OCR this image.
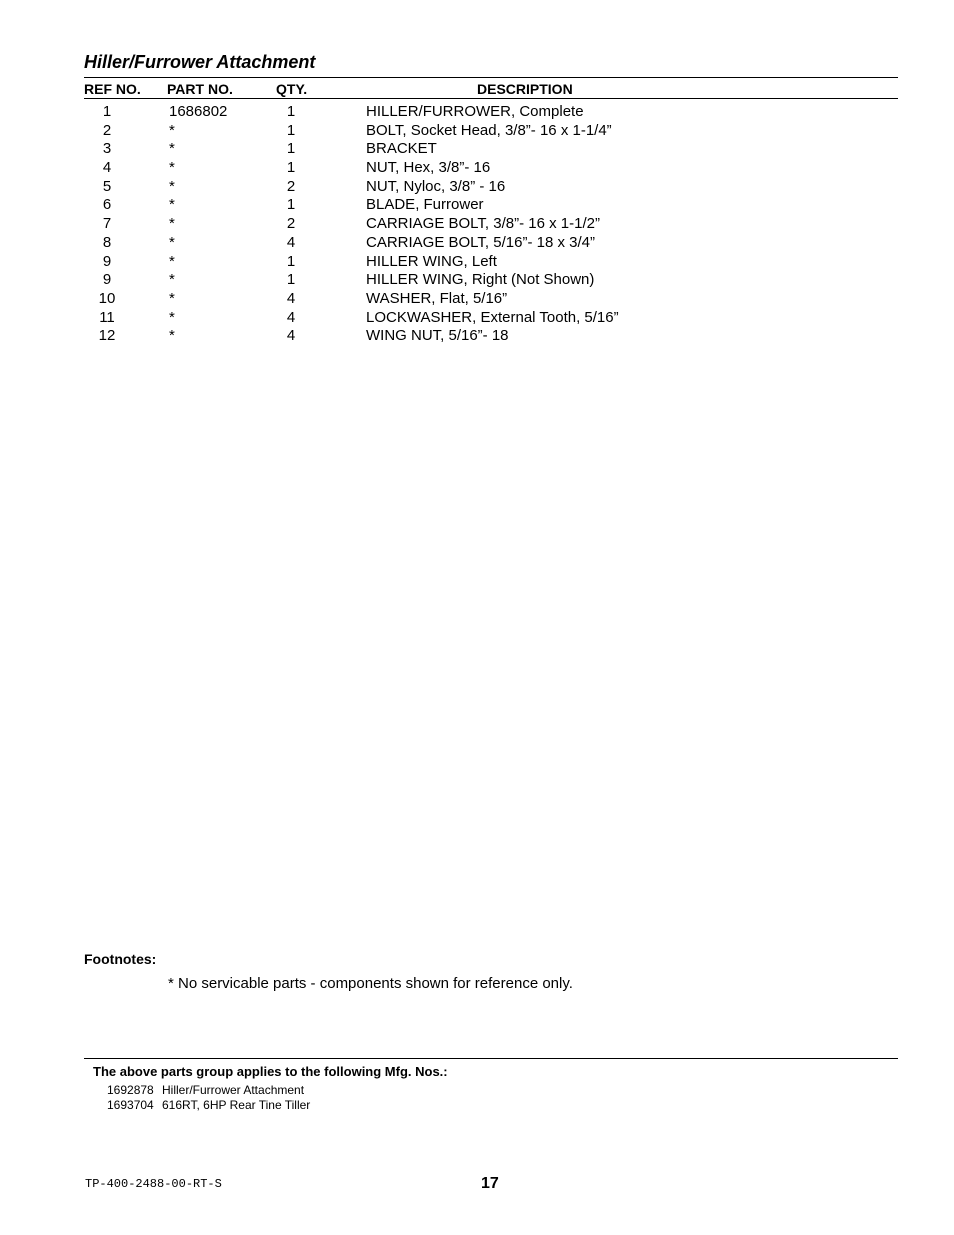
Hiller/Furrower Attachment
REF NO. PART NO.	QTY.	DESCRIPTION
1	1686802	1	HILLER/FURROWER, Complete
2	*	1	BOLT, Socket Head, 3/8”- 16 x 1-1/4”
3	*	1	BRACKET
4	*	1	NUT, Hex, 3/8”- 16
5	*	2	NUT, Nyloc, 3/8” - 16
6	*	1	BLADE, Furrower
7	*	2	CARRIAGE BOLT, 3/8”- 16 x 1-1/2”
8	*	4	CARRIAGE BOLT, 5/16”- 18 x 3/4”
9	*	1	HILLER WING, Left
9	*	1	HILLER WING, Right (Not Shown)
10	*	4	WASHER, Flat, 5/16”
11	*	4	LOCKWASHER, External Tooth, 5/16”
12	*	4	WING NUT, 5/16”- 18
Footnotes:
* No servicable parts - components shown for reference only.
The above parts group applies to the following Mfg. Nos.:
1692878 Hiller/Furrower Attachment
1693704 616RT, 6HP Rear Tine Tiller
TP-400-2488-00-RT-S	17
